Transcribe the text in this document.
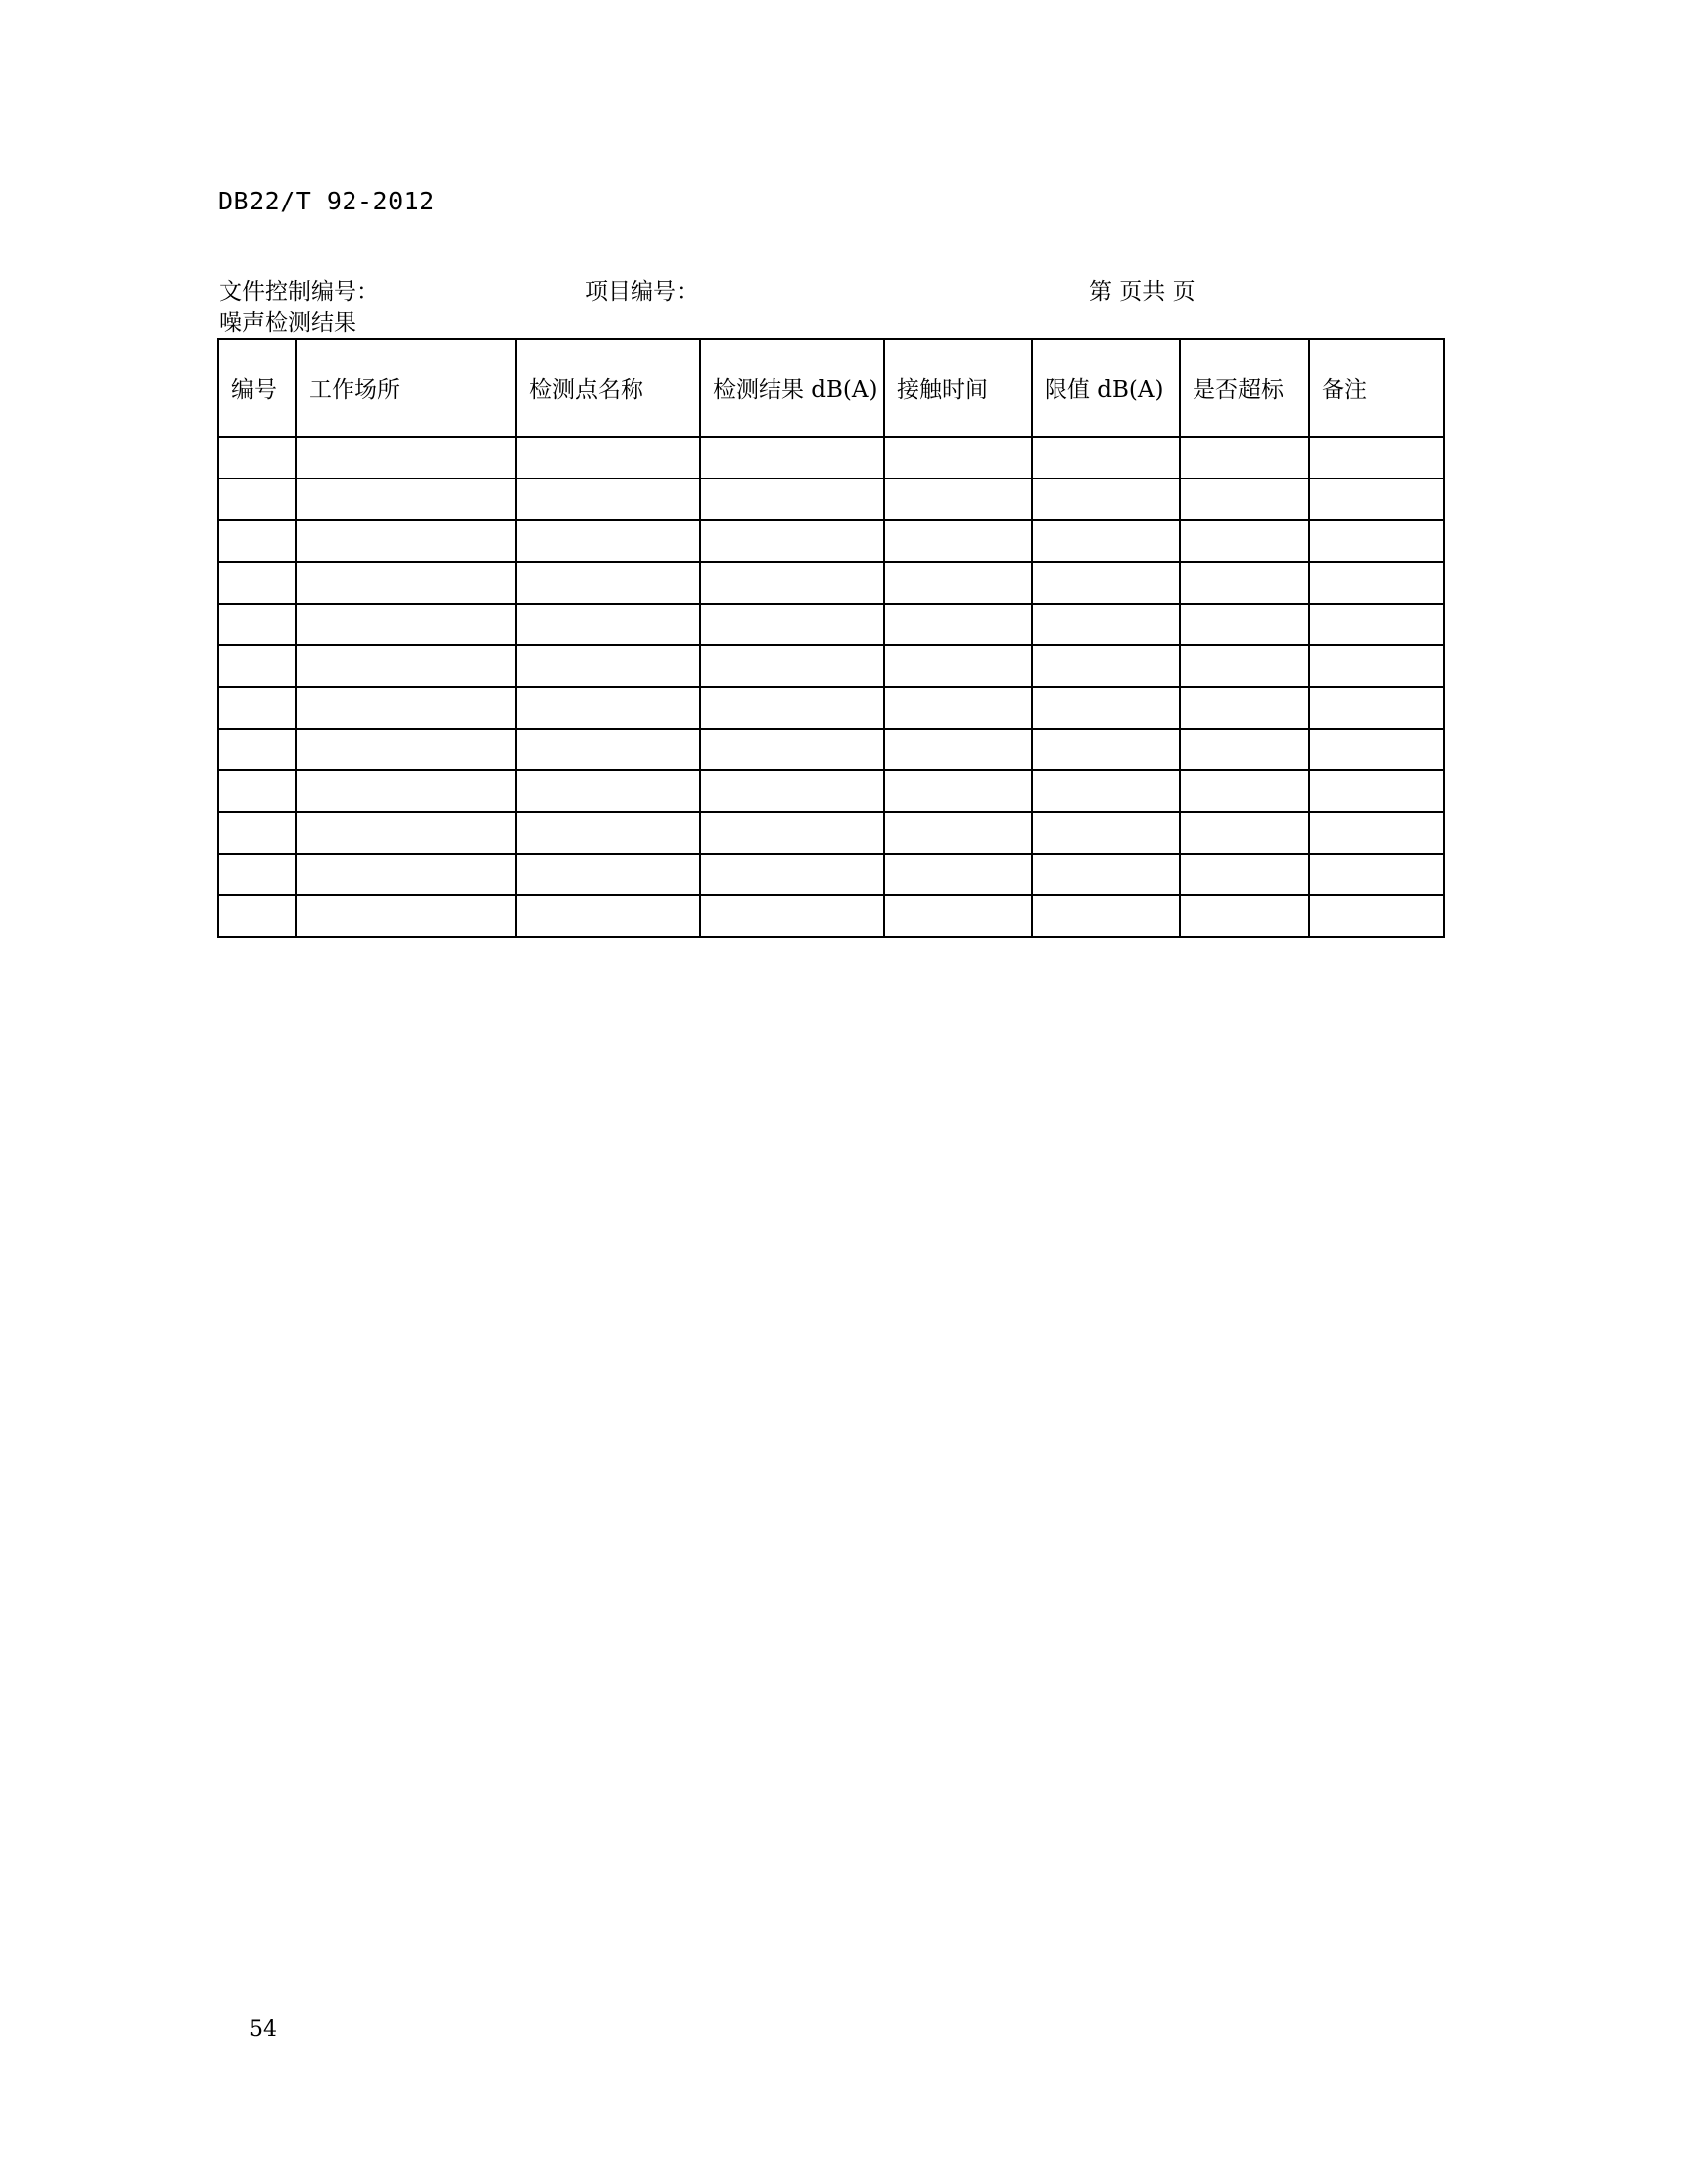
DB22/T 92-2012
文件控制编号：	项目编号：	第 页共 页
噪声检测结果
编号	工作场所	检测点名称	检测结果 dB(A)	接触时间	限值 dB(A)	是否超标	备注

54
